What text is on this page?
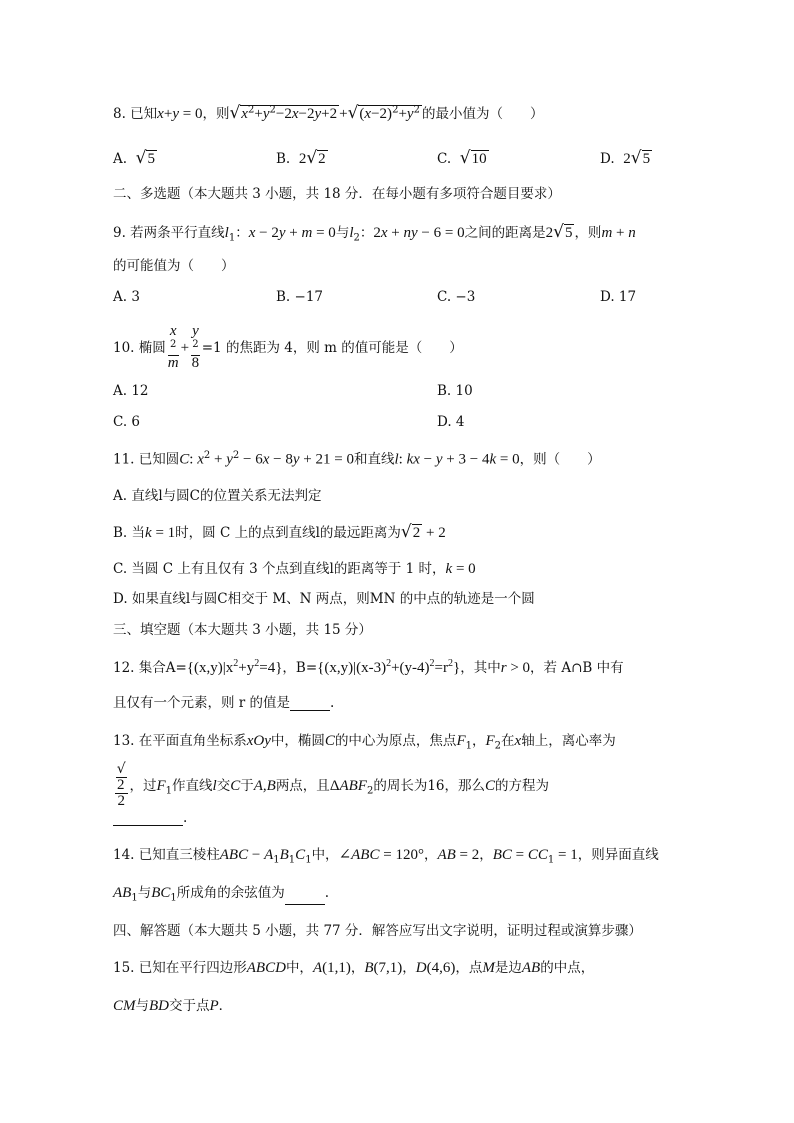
8. 已知x+y = 0，则$√x^2+y^2-2x-2y+2 +√(x-2)^2+y^2$ 的最小值为（　　）
A. √5	B. 2√2	C. √10	D. 2√5
二、多选题（本大题共 3 小题，共 18 分．在每小题有多项符合题目要求）
9. 若两条平行直线$l_1$：x − 2y + m = 0与$l_2$：2x + ny − 6 = 0之间的距离是2√5 ，则m + n
的可能值为（　　）
A. 3	B. −17	C. −3	D. 17
10. 椭圆 x
$^2$
m + y
$^2$
8 =1 的焦距为 4，则 m 的值可能是（　　）
A. 12	B. 10
C. 6	D. 4
11. 已知圆C: $x^2 + y^2 - 6x - 8y + 21 = 0$和直线l: kx − y + 3 − 4k = 0，则（　　）
A. 直线l与圆C的位置关系无法判定
B. 当k = 1时，圆 C 上的点到直线l的最远距离为√2 + 2
C. 当圆 C 上有且仅有 3 个点到直线l的距离等于 1 时，k = 0
D. 如果直线l与圆C相交于 M、N 两点，则MN 的中点的轨迹是一个圆
三、填空题（本大题共 3 小题，共 15 分）
12. 集合$A=\{(x,y)|x^2+y^2=4\}$，$B=\{(x,y)|(x-3)^2+(y-4)^2=r^2\}$，其中r > 0，若 A∩B 中有
且仅有一个元素，则 r 的值是	.
13. 在平面直角坐标系xOy中，椭圆C的中心为原点，焦点$F_1$，$F_2$在x轴上，离心率为
√
2
2 ，过$F_1$作直线l交C于A,B两点，且$\Delta ABF_2$的周长为16，那么C的方程为
.
14. 已知直三棱柱ABC − $A_1B_1C_1$中，∠ABC = 120°，AB = 2，BC = $CC_1 = 1$，则异面直线
$AB_1$与$BC_1$所成角的余弦值为	.
四、解答题（本大题共 5 小题，共 77 分．解答应写出文字说明，证明过程或演算步骤）
15. 已知在平行四边形ABCD中，A(1,1)，B(7,1)，D(4,6)，点M是边AB的中点，
CM与BD交于点P．
